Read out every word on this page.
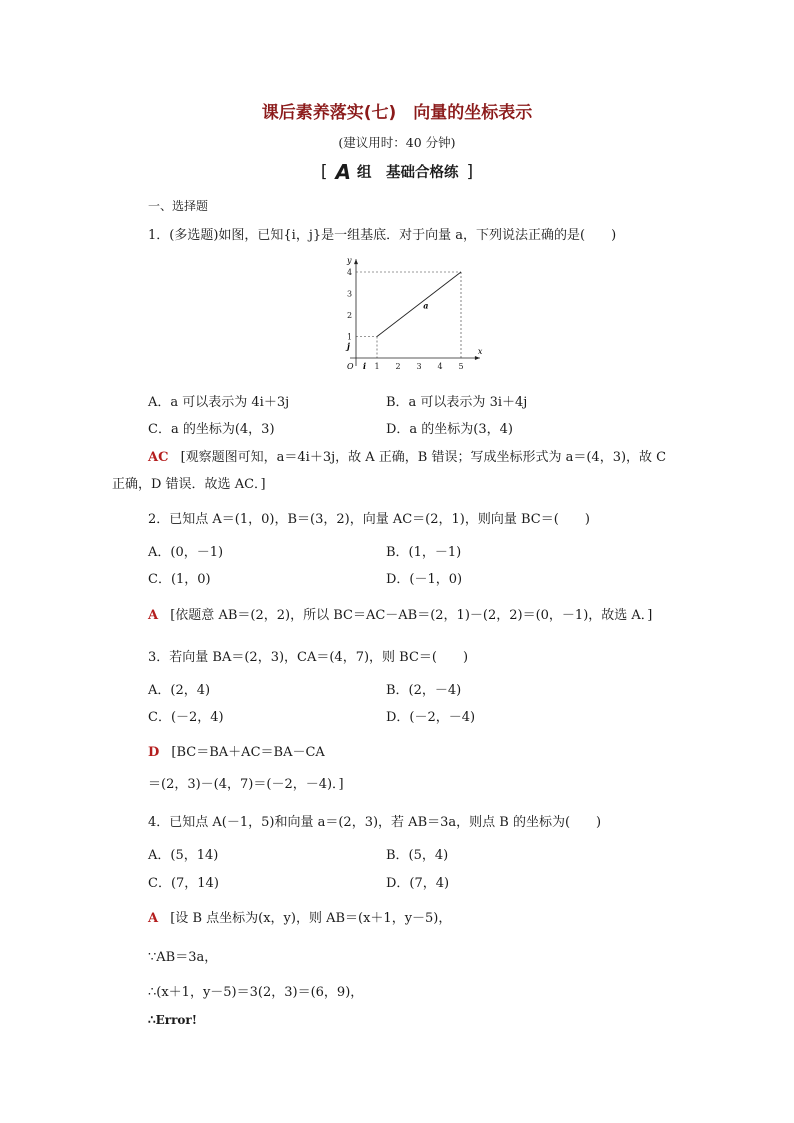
课后素养落实(七)　向量的坐标表示
(建议用时：40 分钟)
[ A 组　基础合格练 ]
一、选择题
1．(多选题)如图，已知{i，j}是一组基底．对于向量 a，下列说法正确的是(　　)
1 2 3 4 5
1
2
3
4
x
y
O i
j
a
A．a 可以表示为 4i＋3j	B．a 可以表示为 3i＋4j
C．a 的坐标为(4，3)	D．a 的坐标为(3，4)
AC [观察题图可知，a＝4i＋3j，故 A 正确，B 错误；写成坐标形式为 a＝(4，3)，故 C
正确，D 错误．故选 AC．]
2．已知点 A＝(1，0)，B＝(3，2)，向量 AC＝(2，1)，则向量 BC＝(　　)
A．(0，－1)	B．(1，－1)
C．(1，0)	D．(－1，0)
A [依题意 AB＝(2，2)，所以 BC＝AC－AB＝(2，1)－(2，2)＝(0，－1)，故选 A．]
3．若向量 BA＝(2，3)，CA＝(4，7)，则 BC＝(　　)
A．(2，4)	B．(2，－4)
C．(－2，4)	D．(－2，－4)
D [BC＝BA＋AC＝BA－CA
＝(2，3)－(4，7)＝(－2，－4)．]
4．已知点 A(－1，5)和向量 a＝(2，3)，若 AB＝3a，则点 B 的坐标为(　　)
A．(5，14)	B．(5，4)
C．(7，14)	D．(7，4)
A [设 B 点坐标为(x，y)，则 AB＝(x＋1，y－5)，
∵AB＝3a，
∴(x＋1，y－5)＝3(2，3)＝(6，9)，
∴Error!
